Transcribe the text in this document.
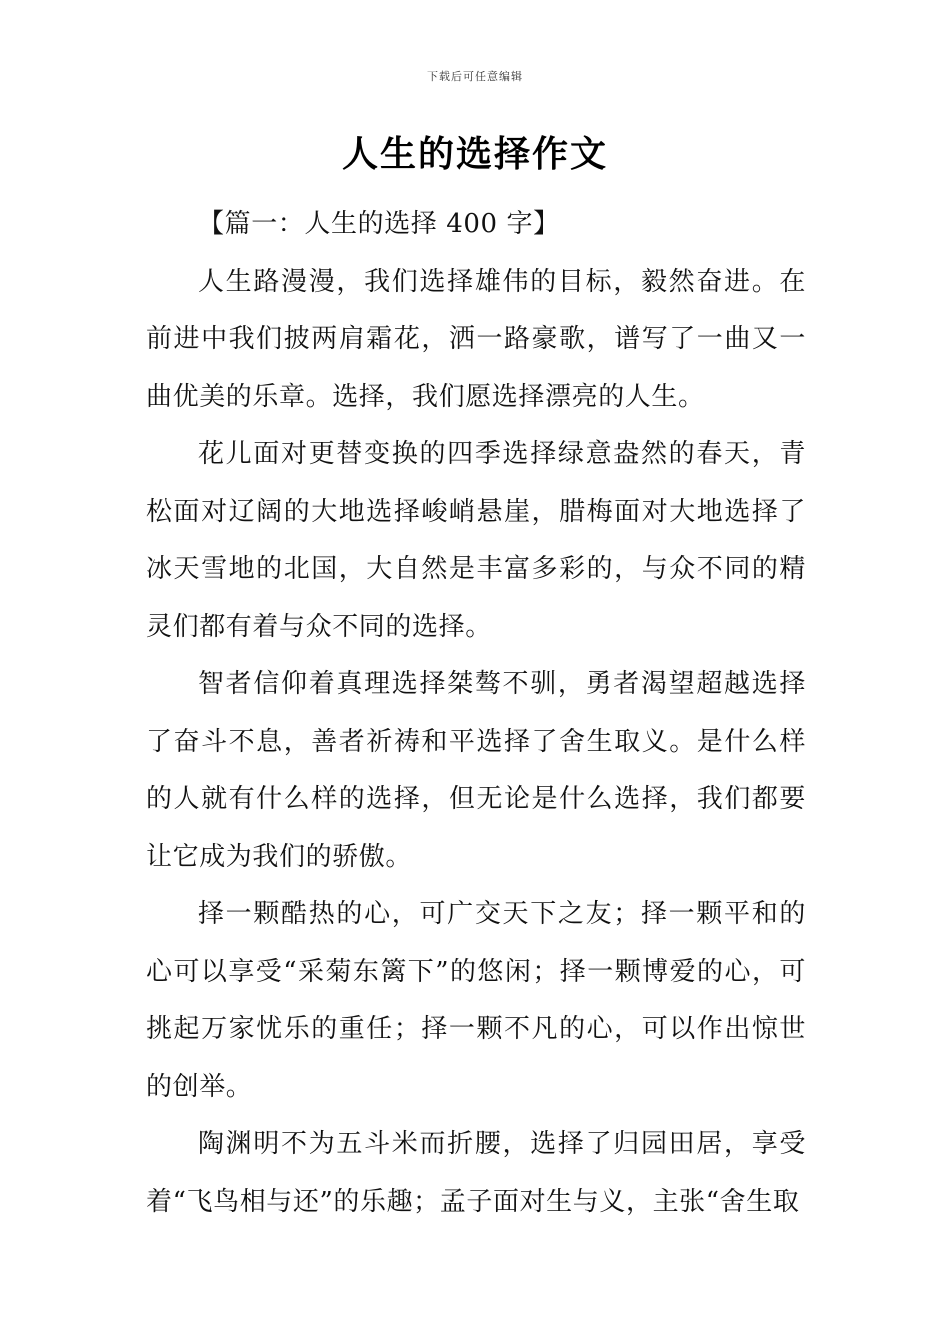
下载后可任意编辑
人生的选择作文

【篇一：人生的选择 400 字】

人生路漫漫，我们选择雄伟的目标，毅然奋进。在前进中我们披两肩霜花，洒一路豪歌，谱写了一曲又一曲优美的乐章。选择，我们愿选择漂亮的人生。

花儿面对更替变换的四季选择绿意盎然的春天，青松面对辽阔的大地选择峻峭悬崖，腊梅面对大地选择了冰天雪地的北国，大自然是丰富多彩的，与众不同的精灵们都有着与众不同的选择。

智者信仰着真理选择桀骜不驯，勇者渴望超越选择了奋斗不息，善者祈祷和平选择了舍生取义。是什么样的人就有什么样的选择，但无论是什么选择，我们都要让它成为我们的骄傲。

择一颗酷热的心，可广交天下之友；择一颗平和的心可以享受“采菊东篱下”的悠闲；择一颗博爱的心，可挑起万家忧乐的重任；择一颗不凡的心，可以作出惊世的创举。

陶渊明不为五斗米而折腰，选择了归园田居，享受着“飞鸟相与还”的乐趣；孟子面对生与义，主张“舍生取
